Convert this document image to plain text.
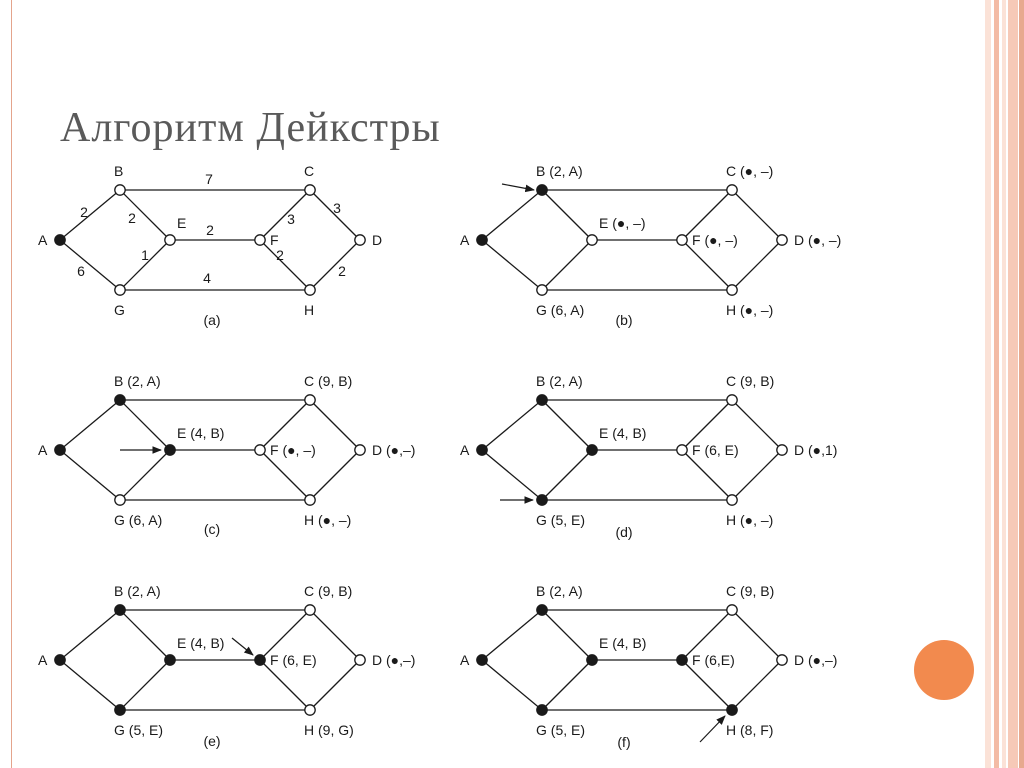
Алгоритм Дейкстры
2
6
7
2
1
2
3
3
2
2
4
A
B	C
D
E
F
G	H
(a)
A
B (2, A)	C (●, –)
D (●, –)
E (●, –)
F (●, –)
G (6, A)	H (●, –)
(b)
A
B (2, A)	C (9, B)
D (●,–)
E (4, B)
F (●, –)
G (6, A)	H (●, –)
(c)
A
B (2, A)	C (9, B)
D (●,1)
E (4, B)
F (6, E)
G (5, E)	H (●, –)
(d)
A
B (2, A)	C (9, B)
D (●,–)
E (4, B)
F (6, E)
G (5, E)	H (9, G)
(e)
A
B (2, A)	C (9, B)
D (●,–)
E (4, B)
F (6,E)
G (5, E)	H (8, F)
(f)
